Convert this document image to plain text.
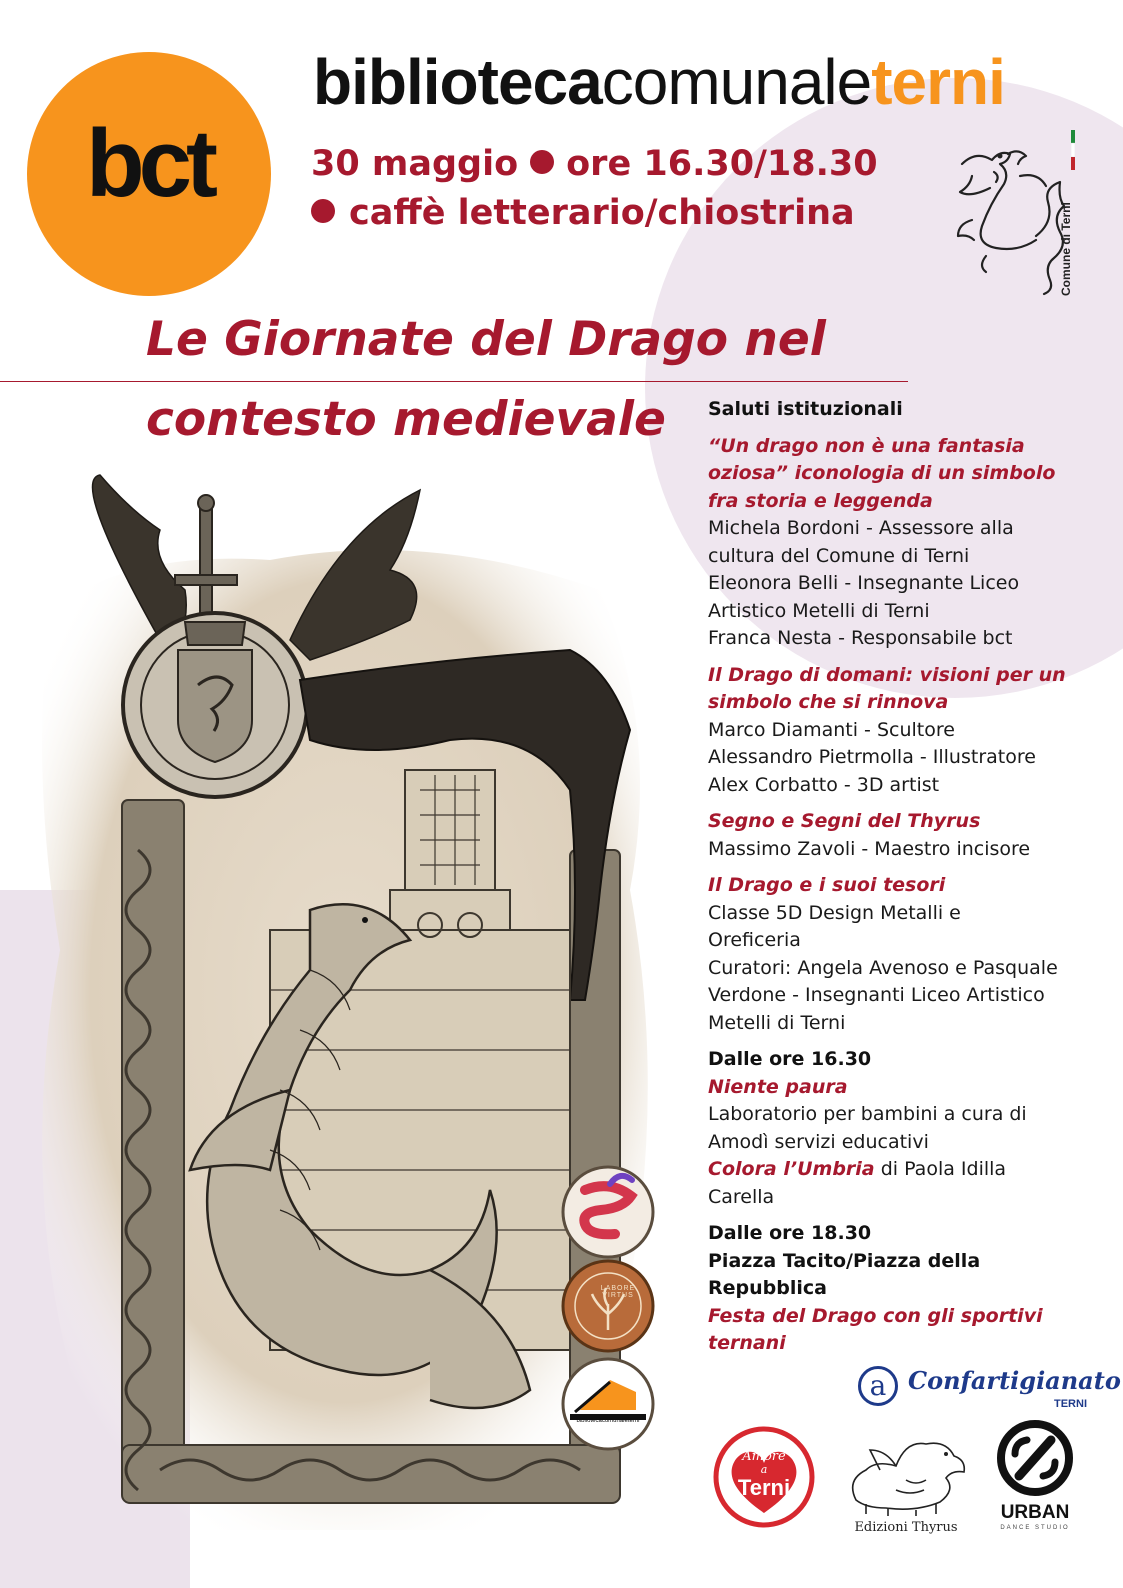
bct
bibliotecacomunaleterni
30 maggio ore 16.30/18.30
caffè letterario/chiostrina	Comune di Terni
Le Giornate del Drago nel
contesto medievale
LABORE VIRTUS
bibliotecacomunaleterni
Saluti istituzionali
“Un drago non è una fantasia
oziosa” iconologia di un simbolo
fra storia e leggenda
Michela Bordoni - Assessore alla
cultura del Comune di Terni
Eleonora Belli - Insegnante Liceo
Artistico Metelli di Terni
Franca Nesta - Responsabile bct
Il Drago di domani: visioni per un
simbolo che si rinnova
Marco Diamanti - Scultore
Alessandro Pietrmolla - Illustratore
Alex Corbatto - 3D artist
Segno e Segni del Thyrus
Massimo Zavoli - Maestro incisore
Il Drago e i suoi tesori
Classe 5D Design Metalli e
Oreficeria
Curatori: Angela Avenoso e Pasquale
Verdone - Insegnanti Liceo Artistico
Metelli di Terni
Dalle ore 16.30
Niente paura
Laboratorio per bambini a cura di
Amodì servizi educativi
Colora l’Umbria di Paola Idilla
Carella
Dalle ore 18.30
Piazza Tacito/Piazza della
Repubblica
Festa del Drago con gli sportivi
ternani
a Confartigianato
TERNI
Amore
a
Terni
Edizioni Thyrus
URBAN
DANCE STUDIO
